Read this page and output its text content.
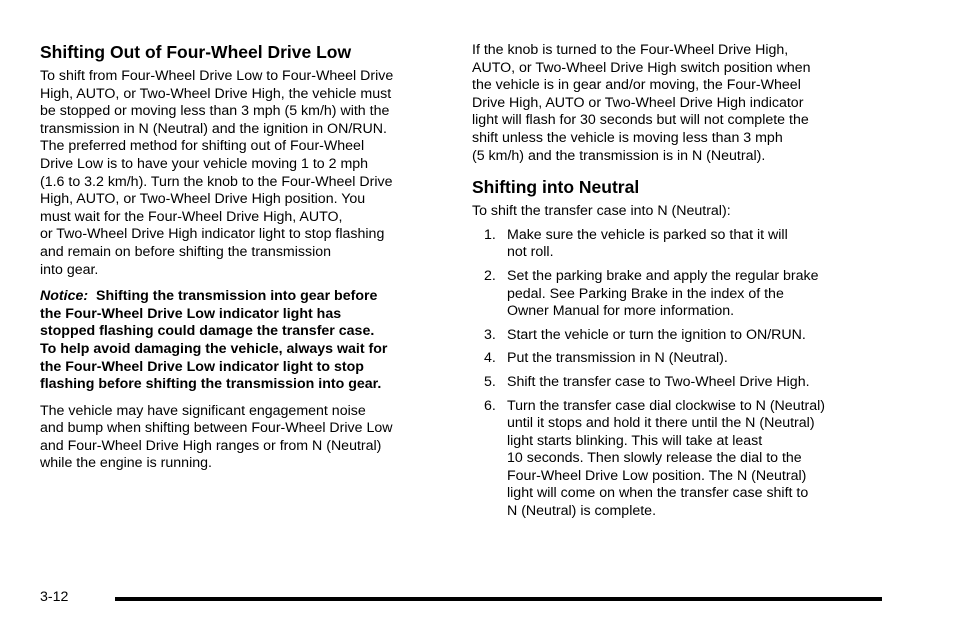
Shifting Out of Four-Wheel Drive Low

To shift from Four-Wheel Drive Low to Four-Wheel Drive

High, AUTO, or Two-Wheel Drive High, the vehicle must

be stopped or moving less than 3 mph (5 km/h) with the

transmission in N (Neutral) and the ignition in ON/RUN.

The preferred method for shifting out of Four-Wheel

Drive Low is to have your vehicle moving 1 to 2 mph

(1.6 to 3.2 km/h). Turn the knob to the Four-Wheel Drive

High, AUTO, or Two-Wheel Drive High position. You

must wait for the Four-Wheel Drive High, AUTO,

or Two-Wheel Drive High indicator light to stop flashing

and remain on before shifting the transmission

into gear.

Notice: Shifting the transmission into gear before
the Four-Wheel Drive Low indicator light has
stopped flashing could damage the transfer case.
To help avoid damaging the vehicle, always wait for
the Four-Wheel Drive Low indicator light to stop
flashing before shifting the transmission into gear.

The vehicle may have significant engagement noise

and bump when shifting between Four-Wheel Drive Low

and Four-Wheel Drive High ranges or from N (Neutral)

while the engine is running.

If the knob is turned to the Four-Wheel Drive High,

AUTO, or Two-Wheel Drive High switch position when

the vehicle is in gear and/or moving, the Four-Wheel

Drive High, AUTO or Two-Wheel Drive High indicator

light will flash for 30 seconds but will not complete the

shift unless the vehicle is moving less than 3 mph

(5 km/h) and the transmission is in N (Neutral).

Shifting into Neutral

To shift the transfer case into N (Neutral):

1. Make sure the vehicle is parked so that it will

not roll.

2. Set the parking brake and apply the regular brake

pedal. See Parking Brake in the index of the

Owner Manual for more information.

3. Start the vehicle or turn the ignition to ON/RUN.

4. Put the transmission in N (Neutral).

5. Shift the transfer case to Two-Wheel Drive High.

6. Turn the transfer case dial clockwise to N (Neutral)

until it stops and hold it there until the N (Neutral)

light starts blinking. This will take at least

10 seconds. Then slowly release the dial to the

Four-Wheel Drive Low position. The N (Neutral)

light will come on when the transfer case shift to

N (Neutral) is complete.

3-12
